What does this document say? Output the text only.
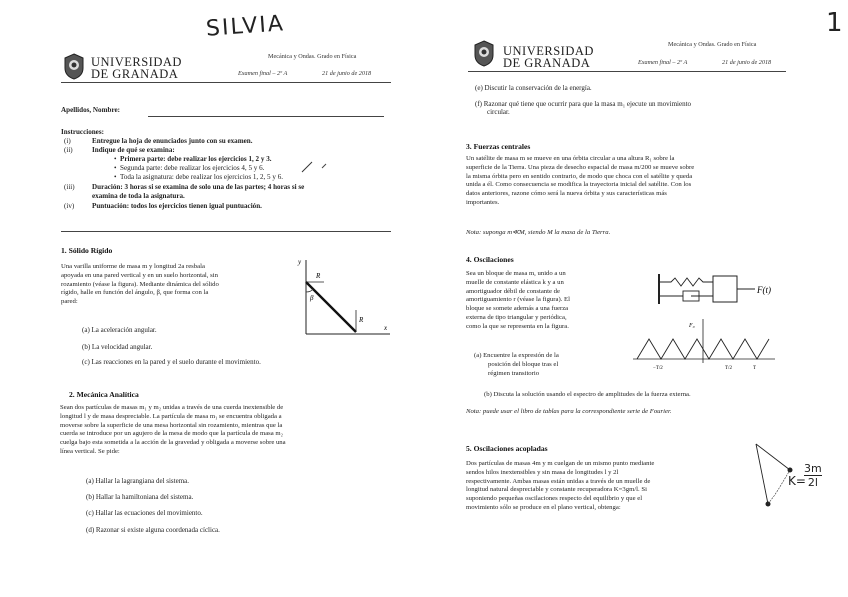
SILVIA
UNIVERSIDAD
DE GRANADA
Mecánica y Ondas. Grado en Física
Examen final – 2º A	21 de junio de 2018
Apellidos, Nombre:
Instrucciones:
(i)	Entregue la hoja de enunciados junto con su examen.
(ii)	Indique de qué se examina:
•  Primera parte: debe realizar los ejercicios 1, 2 y 3.
•  Segunda parte: debe realizar los ejercicios 4, 5 y 6.
•  Toda la asignatura: debe realizar los ejercicios 1, 2, 5 y 6.
(iii) Duración: 3 horas si se examina de solo una de las partes; 4 horas si se
examina de toda la asignatura.
(iv)	Puntuación: todos los ejercicios tienen igual puntuación.
1. Sólido Rígido
Una varilla uniforme de masa m y longitud 2a resbala
apoyada en una pared vertical y en un suelo horizontal, sin
rozamiento (véase la figura). Mediante dinámica del sólido
rígido, halle en función del ángulo, β, que forma con la
pared:
y
x
R
R
β
(a) La aceleración angular.
(b) La velocidad angular.
(c) Las reacciones en la pared y el suelo durante el movimiento.
2. Mecánica Analítica
Sean dos partículas de masas m₁ y m₂ unidas a través de una cuerda inextensible de
longitud l y de masa despreciable. La partícula de masa m₁ se encuentra obligada a
moverse sobre la superficie de una mesa horizontal sin rozamiento, mientras que la
cuerda se introduce por un agujero de la mesa de modo que la partícula de masa m₂
cuelga bajo esta sometida a la acción de la gravedad y obligada a moverse sobre una
línea vertical. Se pide:
(a) Hallar la lagrangiana del sistema.
(b) Hallar la hamiltoniana del sistema.
(c) Hallar las ecuaciones del movimiento.
(d) Razonar si existe alguna coordenada cíclica.
1
UNIVERSIDAD
DE GRANADA
Mecánica y Ondas. Grado en Física
Examen final – 2º A	21 de junio de 2018
(e) Discutir la conservación de la energía.
(f) Razonar qué tiene que ocurrir para que la masa m₁ ejecute un movimiento
circular.
3. Fuerzas centrales
Un satélite de masa m se mueve en una órbita circular a una altura R₁ sobre la
superficie de la Tierra. Una pieza de desecho espacial de masa m/200 se mueve sobre
la misma órbita pero en sentido contrario, de modo que choca con el satélite y queda
unida a él. Como consecuencia se modifica la trayectoria inicial del satélite. Con los
datos anteriores, razone cómo será la nueva órbita y sus características más
importantes.
Nota: suponga m≪M, siendo M la masa de la Tierra.
4. Oscilaciones
Sea un bloque de masa m, unido a un
muelle de constante elástica k y a un
amortiguador débil de constante de
amortiguamiento r (véase la figura). El
bloque se somete además a una fuerza
externa de tipo triangular y periódica,
como la que se representa en la figura.
F(t)
F₀
−T/2	T/2	T
(a) Encuentre la expresión de la
posición del bloque tras el
régimen transitorio
(b) Discuta la solución usando el espectro de amplitudes de la fuerza externa.
Nota: puede usar el libro de tablas para la correspondiente serie de Fourier.
5. Oscilaciones acopladas
Dos partículas de masas 4m y m cuelgan de un mismo punto mediante
sendos hilos inextensibles y sin masa de longitudes l y 2l
respectivamente. Ambas masas están unidas a través de un muelle de
longitud natural despreciable y constante recuperadora K=3gm/l. Si
suponiendo pequeñas oscilaciones respecto del equilibrio y que el
movimiento sólo se produce en el plano vertical, obtenga:
K=
3m
2l
